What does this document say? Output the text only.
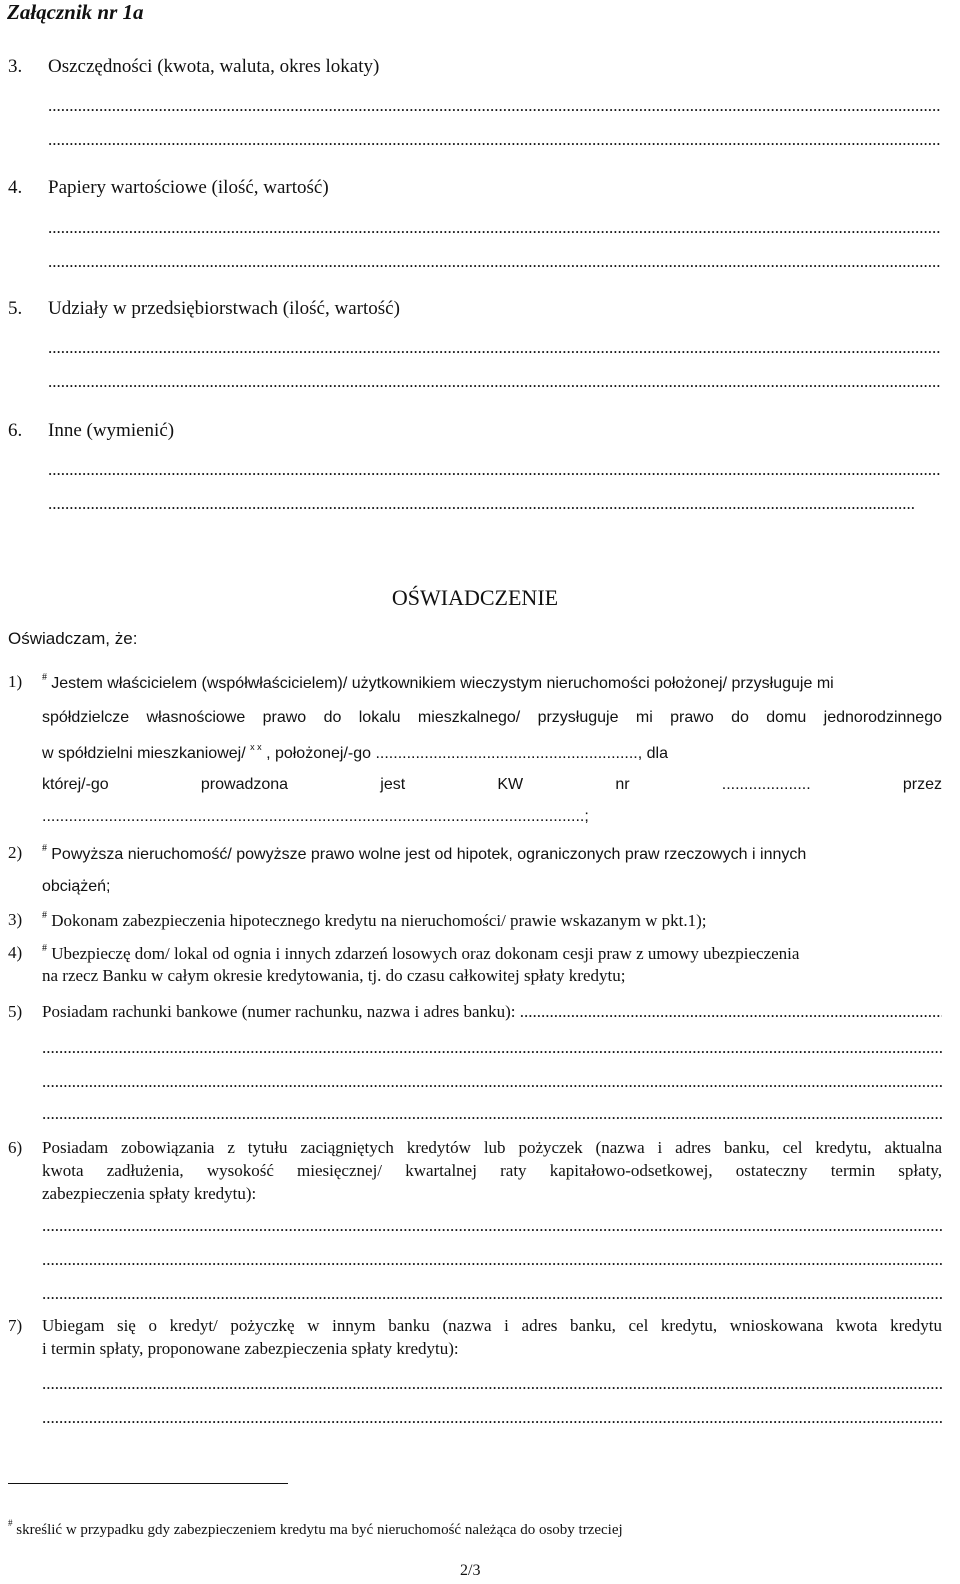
Załącznik nr 1a
3. Oszczędności (kwota, waluta, okres lokaty)
.....
.....
4. Papiery wartościowe (ilość, wartość)
.....
.....
5. Udziały w przedsiębiorstwach (ilość, wartość)
.....
.....
6. Inne (wymienić)
.....
.....
OŚWIADCZENIE
Oświadczam, że:
1) # Jestem właścicielem (współwłaścicielem)/ użytkownikiem wieczystym nieruchomości położonej/ przysługuje mi
spółdzielcze własnościowe prawo do lokalu mieszkalnego/ przysługuje mi prawo do domu jednorodzinnego
w spółdzielni mieszkaniowej/ $^{x x}$ , położonej/-go ..........................................................., dla
której/-go prowadzona jest KW nr .................... przez
..........................................................................................................................;
2) # Powyższa nieruchomość/ powyższe prawo wolne jest od hipotek, ograniczonych praw rzeczowych i innych
obciążeń;
3) # Dokonam zabezpieczenia hipotecznego kredytu na nieruchomości/ prawie wskazanym w pkt.1);
4) # Ubezpieczę dom/ lokal od ognia i innych zdarzeń losowych oraz dokonam cesji praw z umowy ubezpieczenia
na rzecz Banku w całym okresie kredytowania, tj. do czasu całkowitej spłaty kredytu;
5) Posiadam rachunki bankowe (numer rachunku, nazwa i adres banku): .....
.....
.....
.....
6) Posiadam zobowiązania z tytułu zaciągniętych kredytów lub pożyczek (nazwa i adres banku, cel kredytu, aktualna
kwota zadłużenia, wysokość miesięcznej/ kwartalnej raty kapitałowo-odsetkowej, ostateczny termin spłaty,
zabezpieczenia spłaty kredytu):
.....
.....
.....
7) Ubiegam się o kredyt/ pożyczkę w innym banku (nazwa i adres banku, cel kredytu, wnioskowana kwota kredytu
i termin spłaty, proponowane zabezpieczenia spłaty kredytu):
.....
.....
# skreślić w przypadku gdy zabezpieczeniem kredytu ma być nieruchomość należąca do osoby trzeciej
2/3
